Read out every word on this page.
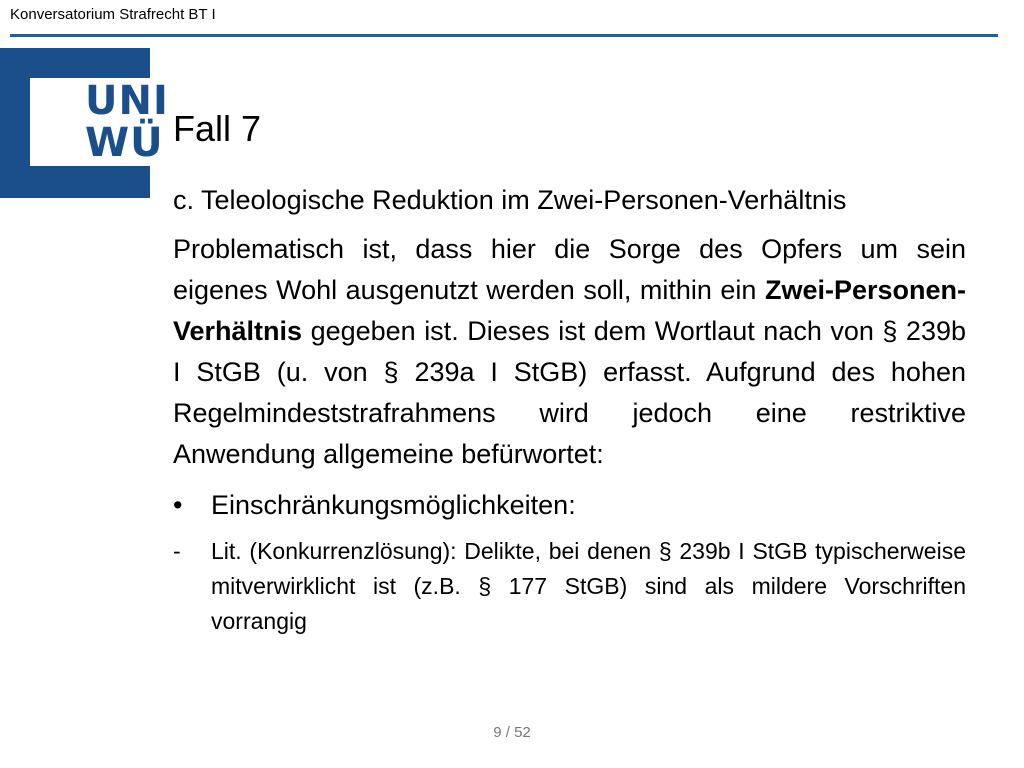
Konversatorium Strafrecht BT I
UNI
WÜ Fall 7

c. Teleologische Reduktion im Zwei-Personen-Verhältnis

Problematisch ist, dass hier die Sorge des Opfers um sein eigenes Wohl ausgenutzt werden soll, mithin ein Zwei-Personen-Verhältnis gegeben ist. Dieses ist dem Wortlaut nach von § 239b I StGB (u. von § 239a I StGB) erfasst. Aufgrund des hohen Regelmindeststrafrahmens wird jedoch eine restriktive Anwendung allgemeine befürwortet:

•	Einschränkungsmöglichkeiten:
-	Lit. (Konkurrenzlösung): Delikte, bei denen § 239b I StGB typischerweise mitverwirklicht ist (z.B. § 177 StGB) sind als mildere Vorschriften vorrangig
9 / 52
